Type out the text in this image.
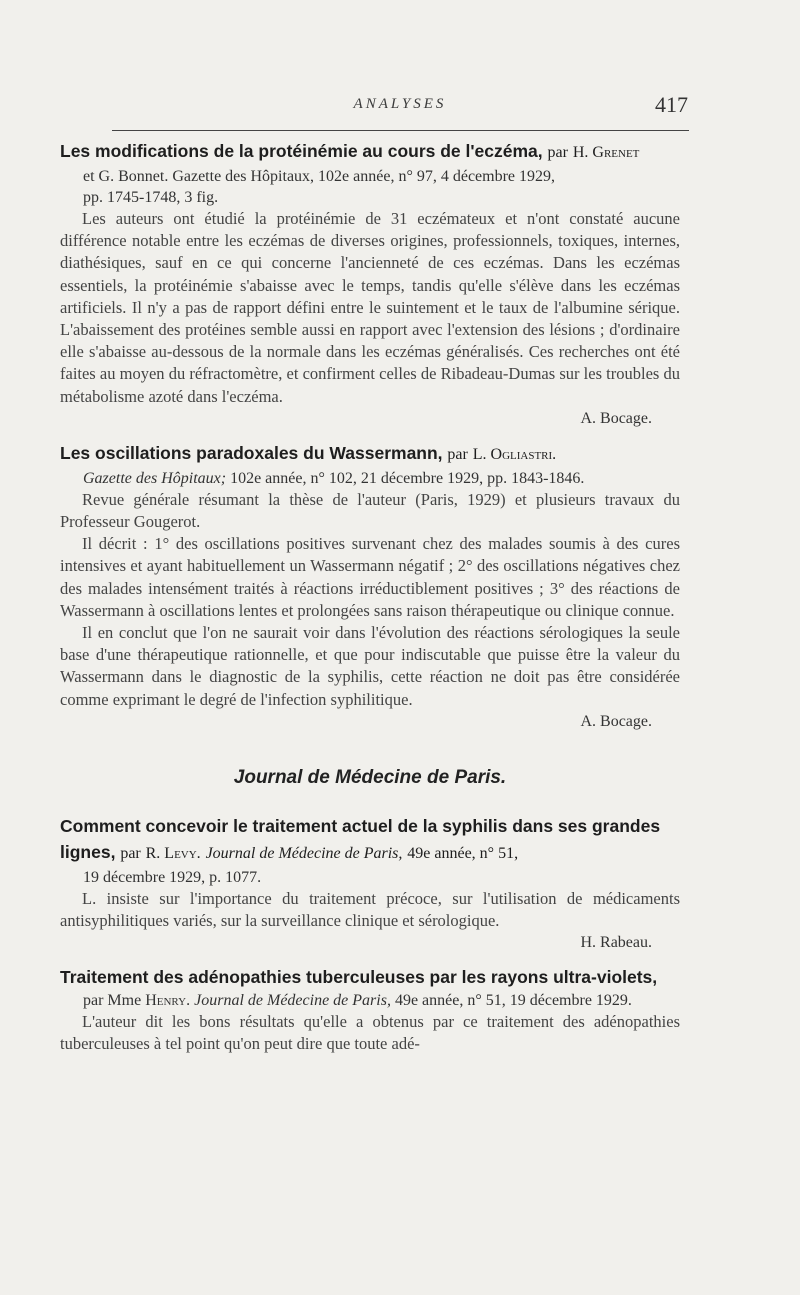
ANALYSES	417

Les modifications de la protéinémie au cours de l'eczéma, par H. Grenet

et G. Bonnet. Gazette des Hôpitaux, 102e année, n° 97, 4 décembre 1929,
pp. 1745-1748, 3 fig.

Les auteurs ont étudié la protéinémie de 31 eczémateux et n'ont constaté aucune différence notable entre les eczémas de diverses origines, professionnels, toxiques, internes, diathésiques, sauf en ce qui concerne l'ancienneté de ces eczémas. Dans les eczémas essentiels, la protéinémie s'abaisse avec le temps, tandis qu'elle s'élève dans les eczémas artificiels. Il n'y a pas de rapport défini entre le suintement et le taux de l'albumine sérique. L'abaissement des protéines semble aussi en rapport avec l'extension des lésions ; d'ordinaire elle s'abaisse au-dessous de la normale dans les eczémas généralisés. Ces recherches ont été faites au moyen du réfractomètre, et confirment celles de Ribadeau-Dumas sur les troubles du métabolisme azoté dans l'eczéma.

A. Bocage.

Les oscillations paradoxales du Wassermann, par L. Ogliastri.

Gazette des Hôpitaux; 102e année, n° 102, 21 décembre 1929, pp. 1843-1846.

Revue générale résumant la thèse de l'auteur (Paris, 1929) et plusieurs travaux du Professeur Gougerot.

Il décrit : 1° des oscillations positives survenant chez des malades soumis à des cures intensives et ayant habituellement un Wassermann négatif ; 2° des oscillations négatives chez des malades intensément traités à réactions irréductiblement positives ; 3° des réactions de Wassermann à oscillations lentes et prolongées sans raison thérapeutique ou clinique connue.

Il en conclut que l'on ne saurait voir dans l'évolution des réactions sérologiques la seule base d'une thérapeutique rationnelle, et que pour indiscutable que puisse être la valeur du Wassermann dans le diagnostic de la syphilis, cette réaction ne doit pas être considérée comme exprimant le degré de l'infection syphilitique.

A. Bocage.

Journal de Médecine de Paris.

Comment concevoir le traitement actuel de la syphilis dans ses grandes
lignes, par R. Levy. Journal de Médecine de Paris, 49e année, n° 51,

19 décembre 1929, p. 1077.

L. insiste sur l'importance du traitement précoce, sur l'utilisation de médicaments antisyphilitiques variés, sur la surveillance clinique et sérologique.

H. Rabeau.

Traitement des adénopathies tuberculeuses par les rayons ultra-violets,

par Mme Henry. Journal de Médecine de Paris, 49e année, n° 51, 19 décembre 1929.

L'auteur dit les bons résultats qu'elle a obtenus par ce traitement des adénopathies tuberculeuses à tel point qu'on peut dire que toute adé-
